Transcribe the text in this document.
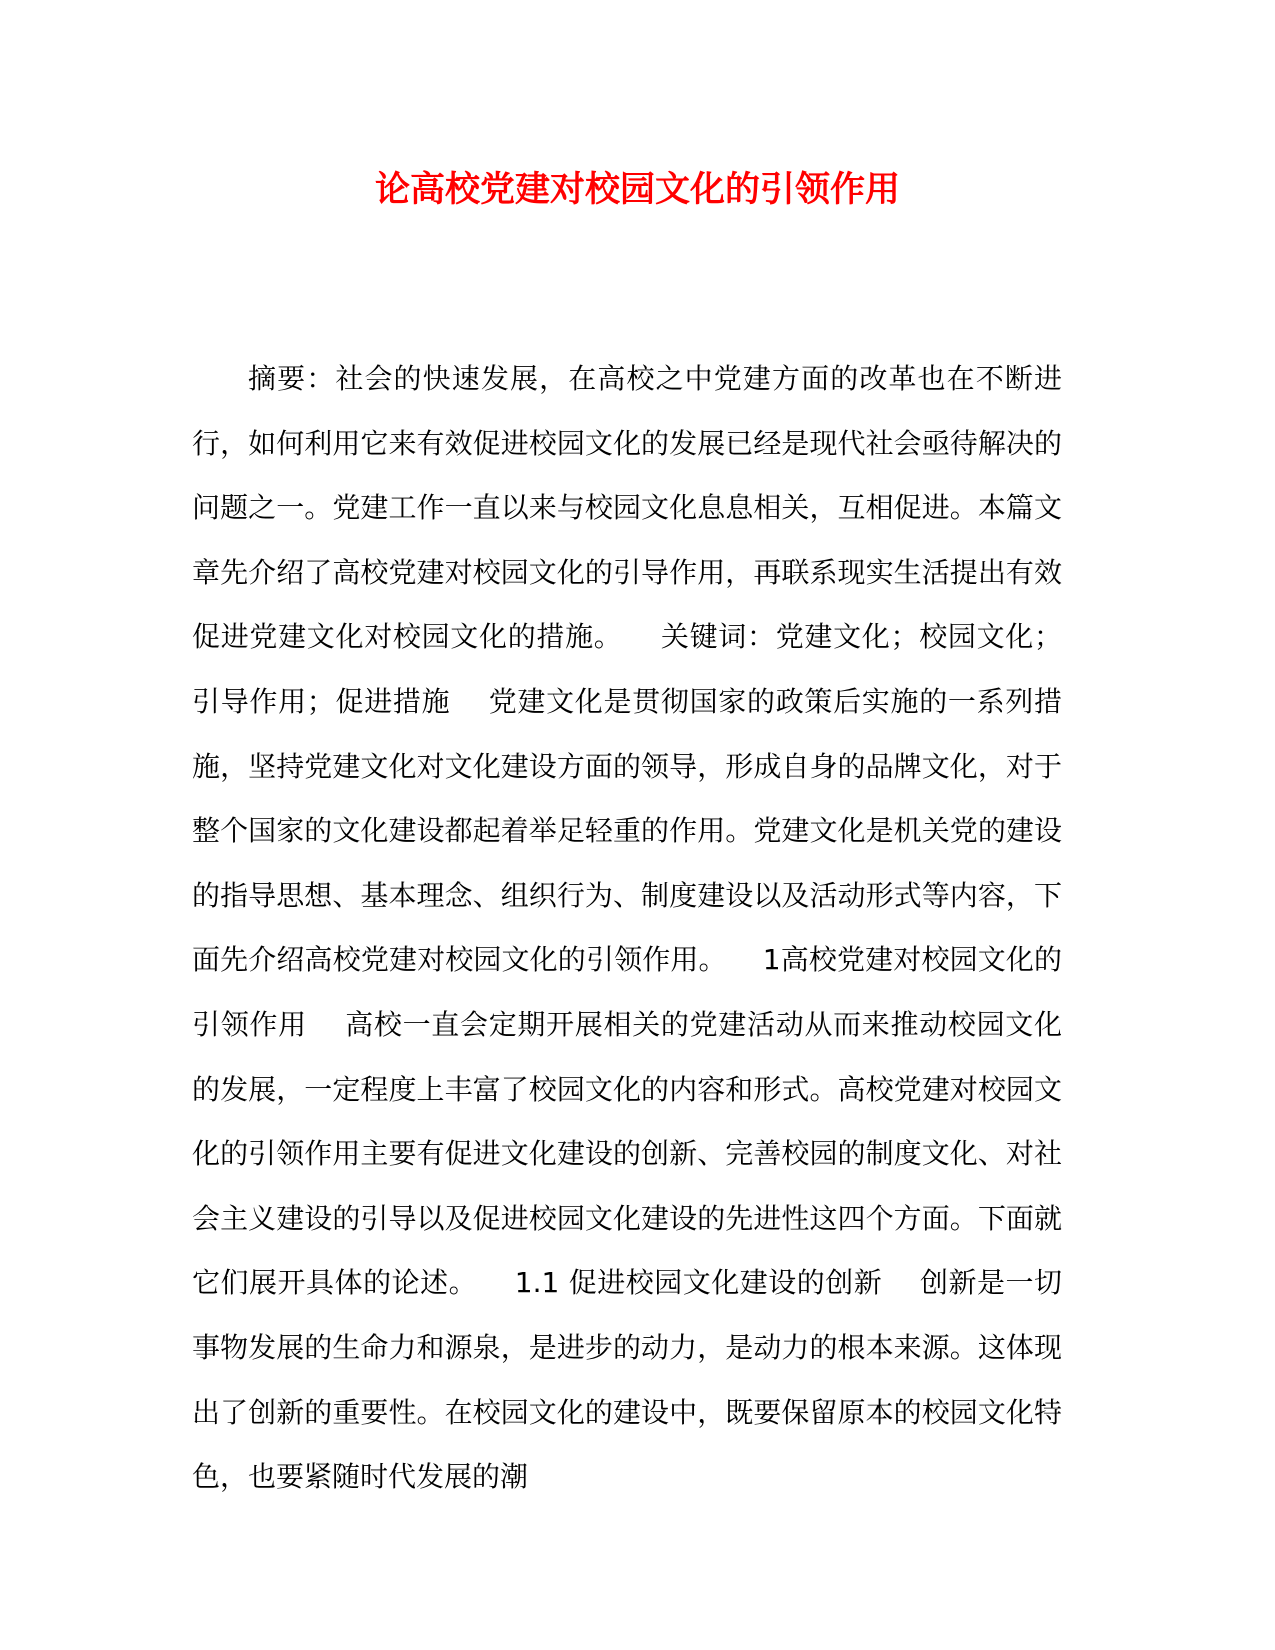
论高校党建对校园文化的引领作用

摘要：社会的快速发展，在高校之中党建方面的改革也在不断进行，如何利用它来有效促进校园文化的发展已经是现代社会亟待解决的问题之一。党建工作一直以来与校园文化息息相关，互相促进。本篇文章先介绍了高校党建对校园文化的引导作用，再联系现实生活提出有效促进党建文化对校园文化的措施。    关键词：党建文化；校园文化；引导作用；促进措施    党建文化是贯彻国家的政策后实施的一系列措施，坚持党建文化对文化建设方面的领导，形成自身的品牌文化，对于整个国家的文化建设都起着举足轻重的作用。党建文化是机关党的建设的指导思想、基本理念、组织行为、制度建设以及活动形式等内容，下面先介绍高校党建对校园文化的引领作用。    1高校党建对校园文化的引领作用    高校一直会定期开展相关的党建活动从而来推动校园文化的发展，一定程度上丰富了校园文化的内容和形式。高校党建对校园文化的引领作用主要有促进文化建设的创新、完善校园的制度文化、对社会主义建设的引导以及促进校园文化建设的先进性这四个方面。下面就它们展开具体的论述。    1.1 促进校园文化建设的创新    创新是一切事物发展的生命力和源泉，是进步的动力，是动力的根本来源。这体现出了创新的重要性。在校园文化的建设中，既要保留原本的校园文化特色，也要紧随时代发展的潮
